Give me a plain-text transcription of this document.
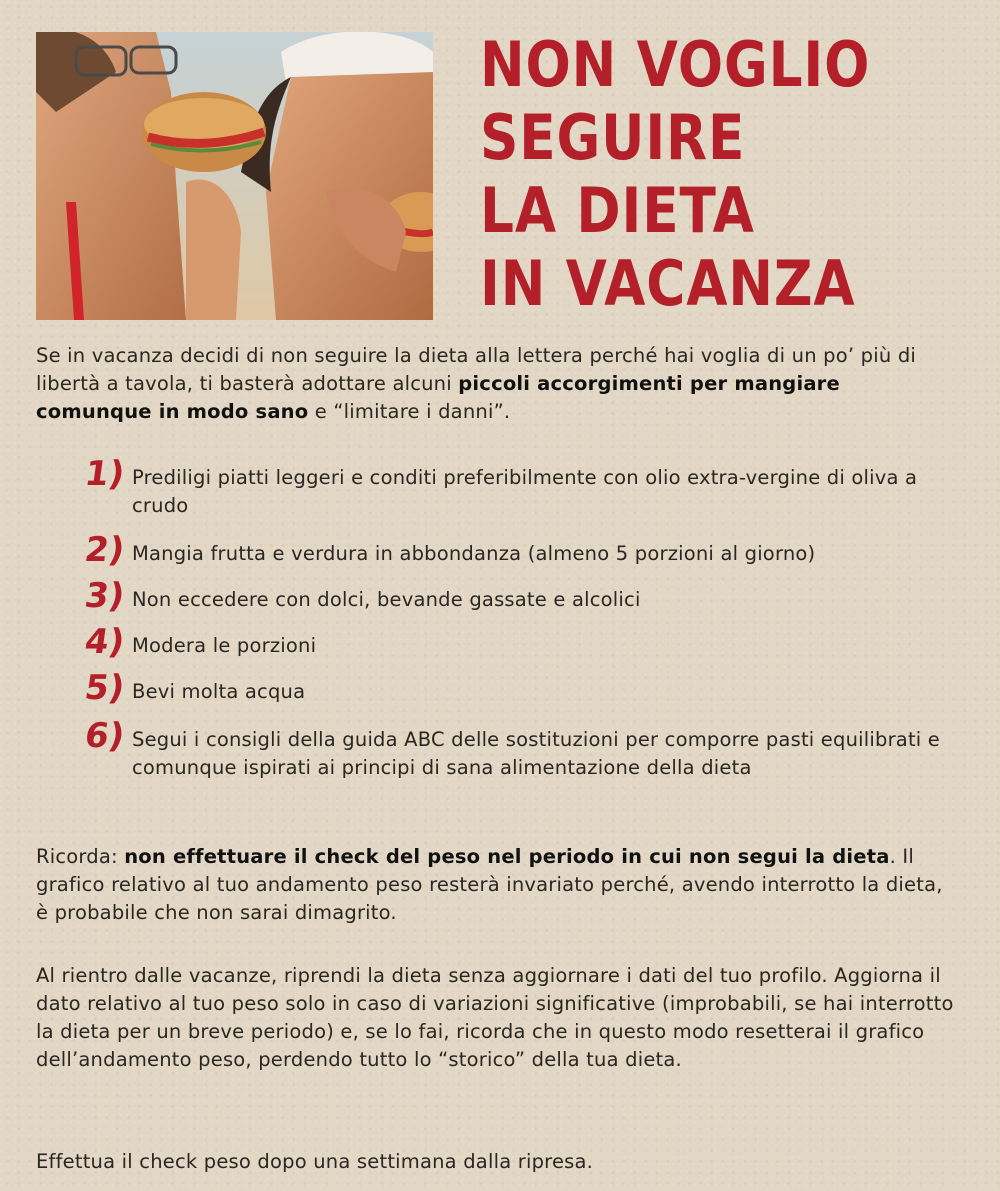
NON VOGLIO
SEGUIRE
LA DIETA
IN VACANZA

Se in vacanza decidi di non seguire la dieta alla lettera perché hai voglia di un po’ più di libertà a tavola, ti basterà adottare alcuni piccoli accorgimenti per mangiare comunque in modo sano e “limitare i danni”.

1) Prediligi piatti leggeri e conditi preferibilmente con olio extra-vergine di oliva a crudo
2) Mangia frutta e verdura in abbondanza (almeno 5 porzioni al giorno)
3) Non eccedere con dolci, bevande gassate e alcolici
4) Modera le porzioni
5) Bevi molta acqua
6) Segui i consigli della guida ABC delle sostituzioni per comporre pasti equilibrati e comunque ispirati ai principi di sana alimentazione della dieta

Ricorda: non effettuare il check del peso nel periodo in cui non segui la dieta. Il grafico relativo al tuo andamento peso resterà invariato perché, avendo interrotto la dieta, è probabile che non sarai dimagrito.

Al rientro dalle vacanze, riprendi la dieta senza aggiornare i dati del tuo profilo. Aggiorna il dato relativo al tuo peso solo in caso di variazioni significative (improbabili, se hai interrotto la dieta per un breve periodo) e, se lo fai, ricorda che in questo modo resetterai il grafico dell’andamento peso, perdendo tutto lo “storico” della tua dieta.

Effettua il check peso dopo una settimana dalla ripresa.
